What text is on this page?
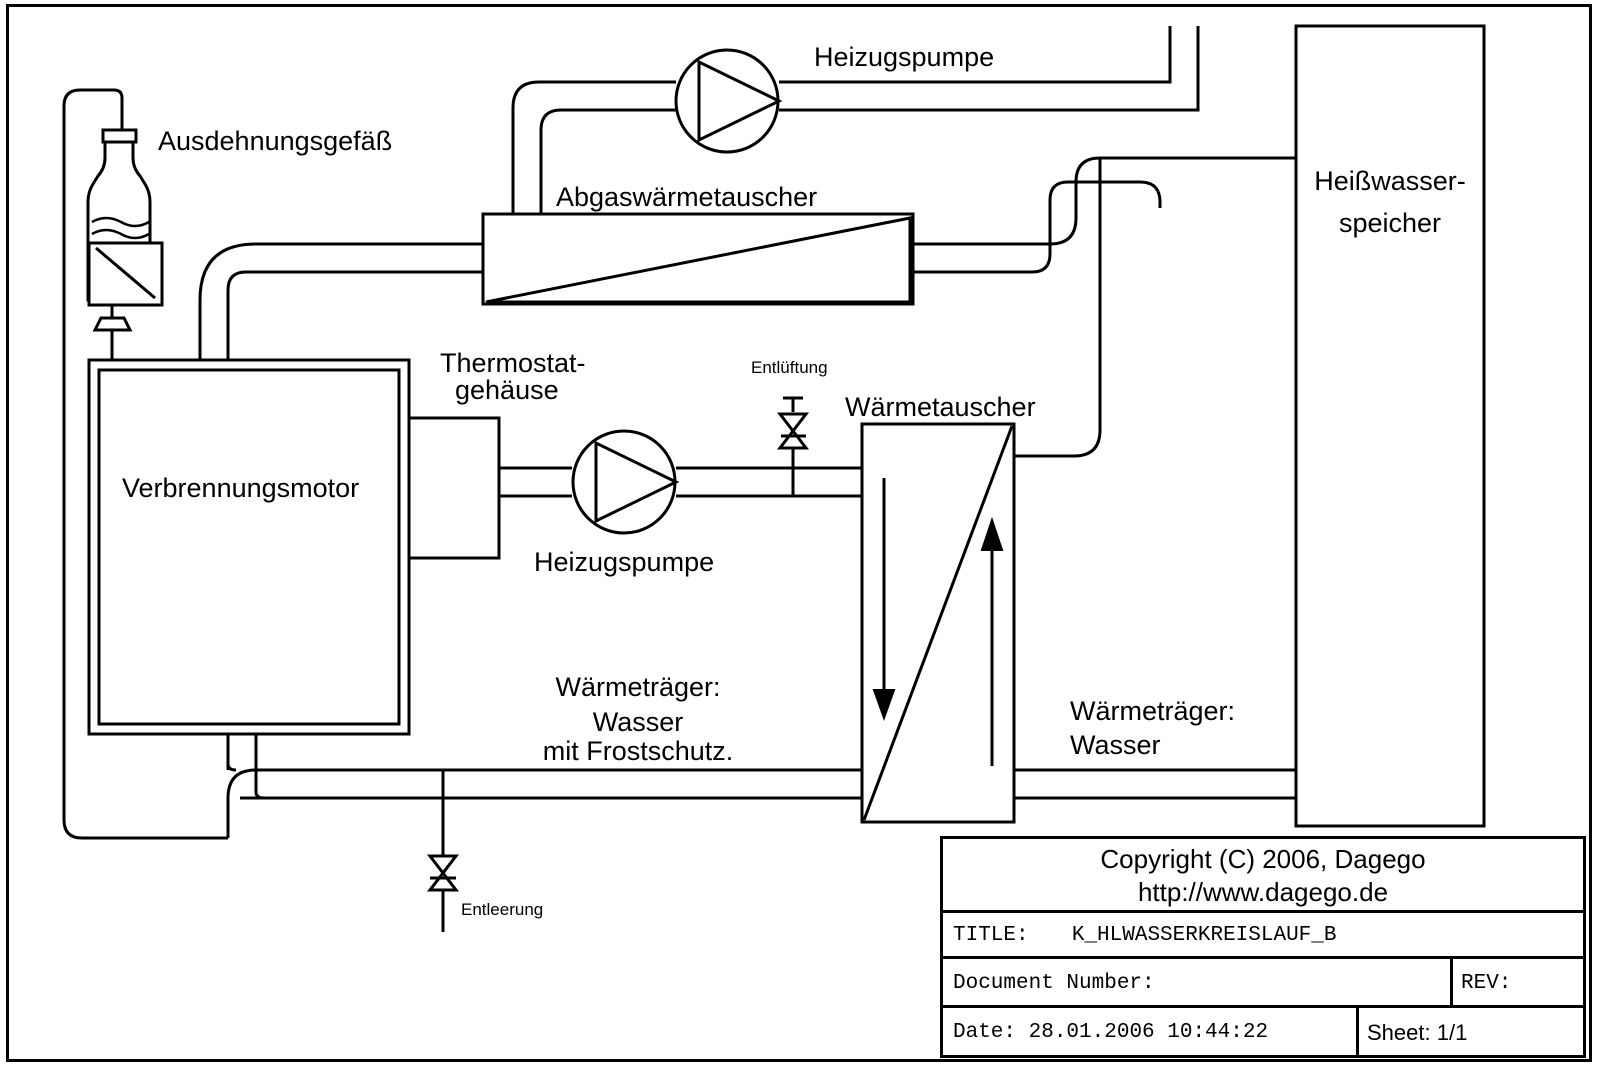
Ausdehnungsgefäß
Heizugspumpe
Abgaswärmetauscher
Heißwasser-
speicher
Thermostat-
gehäuse
Entlüftung
Wärmetauscher
Verbrennungsmotor
Heizugspumpe
Wärmeträger:
Wasser
mit Frostschutz.
Wärmeträger:
Wasser
Entleerung
Copyright (C) 2006, Dagego
http://www.dagego.de
TITLE: K_HLWASSERKREISLAUF_B
Document Number:	REV:
Date: 28.01.2006 10:44:22	Sheet: 1/1
